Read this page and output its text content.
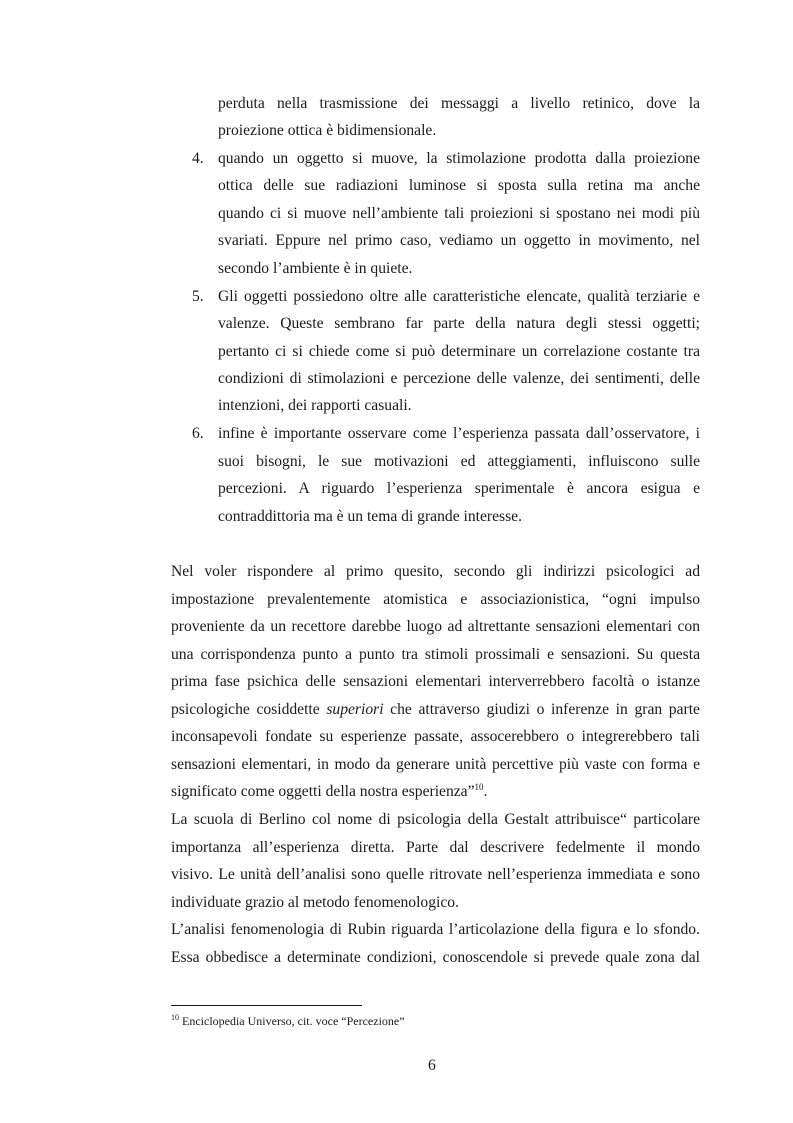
perduta nella trasmissione dei messaggi a livello retinico, dove la
proiezione ottica è bidimensionale.
4. quando un oggetto si muove, la stimolazione prodotta dalla proiezione
ottica delle sue radiazioni luminose si sposta sulla retina ma anche
quando ci si muove nell’ambiente tali proiezioni si spostano nei modi più
svariati. Eppure nel primo caso, vediamo un oggetto in movimento, nel
secondo l’ambiente è in quiete.
5. Gli oggetti possiedono oltre alle caratteristiche elencate, qualità terziarie e
valenze. Queste sembrano far parte della natura degli stessi oggetti;
pertanto ci si chiede come si può determinare un correlazione costante tra
condizioni di stimolazioni e percezione delle valenze, dei sentimenti, delle
intenzioni, dei rapporti casuali.
6. infine è importante osservare come l’esperienza passata dall’osservatore, i
suoi bisogni, le sue motivazioni ed atteggiamenti, influiscono sulle
percezioni. A riguardo l’esperienza sperimentale è ancora esigua e
contraddittoria ma è un tema di grande interesse.
Nel voler rispondere al primo quesito, secondo gli indirizzi psicologici ad
impostazione prevalentemente atomistica e associazionistica, “ogni impulso
proveniente da un recettore darebbe luogo ad altrettante sensazioni elementari con
una corrispondenza punto a punto tra stimoli prossimali e sensazioni. Su questa
prima fase psichica delle sensazioni elementari interverrebbero facoltà o istanze
psicologiche cosiddette superiori che attraverso giudizi o inferenze in gran parte
inconsapevoli fondate su esperienze passate, assocerebbero o integrerebbero tali
sensazioni elementari, in modo da generare unità percettive più vaste con forma e
significato come oggetti della nostra esperienza”$^{10}$.
La scuola di Berlino col nome di psicologia della Gestalt attribuisce“ particolare
importanza all’esperienza diretta. Parte dal descrivere fedelmente il mondo
visivo. Le unità dell’analisi sono quelle ritrovate nell’esperienza immediata e sono
individuate grazio al metodo fenomenologico.
L’analisi fenomenologia di Rubin riguarda l’articolazione della figura e lo sfondo.
Essa obbedisce a determinate condizioni, conoscendole si prevede quale zona dal
$^{10}$ Enciclopedia Universo, cit. voce “Percezione”
6
